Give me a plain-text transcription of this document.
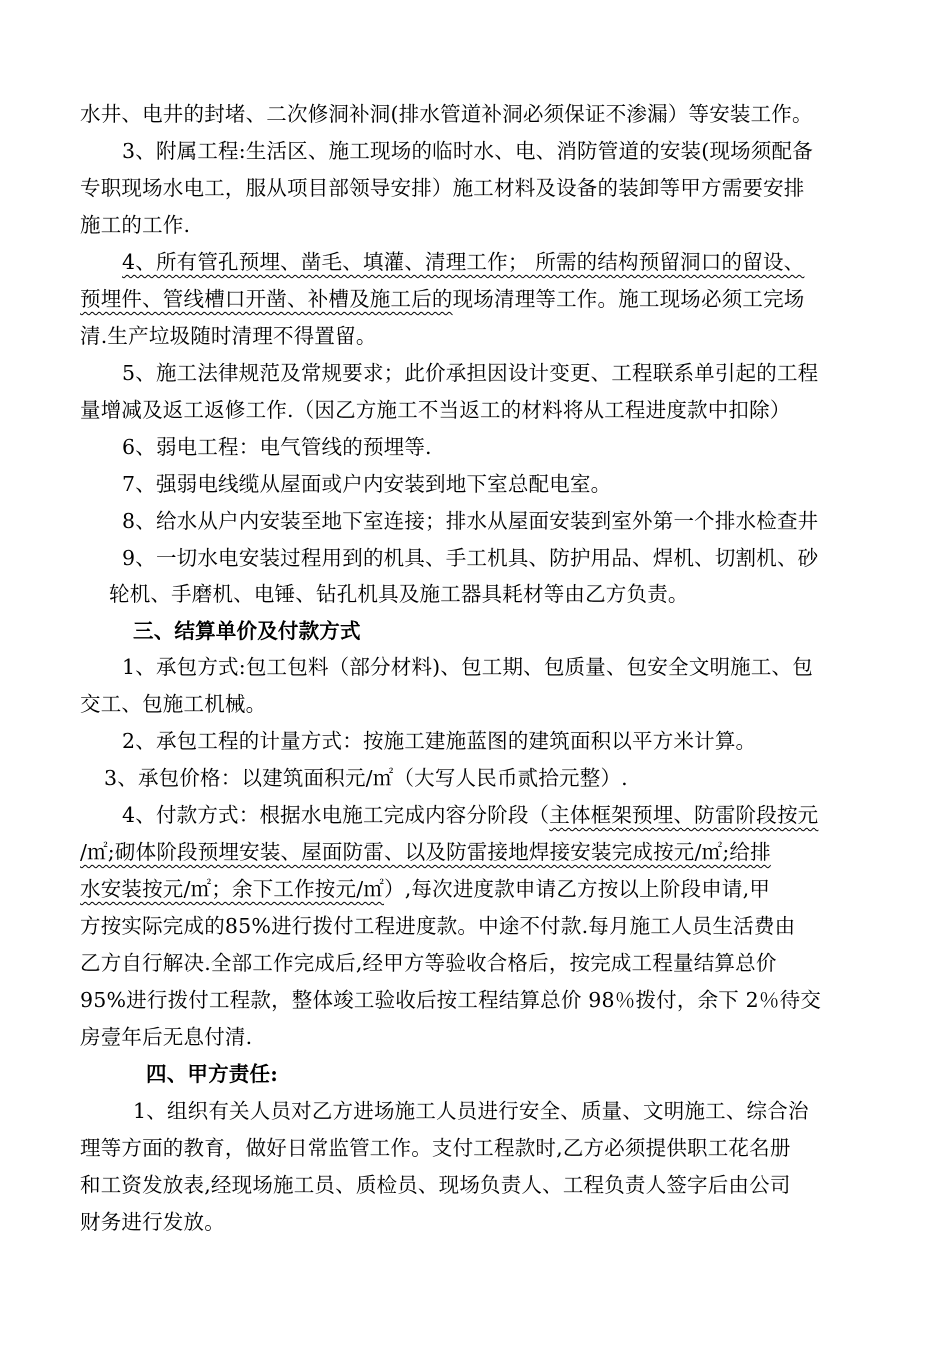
水井、电井的封堵、二次修洞补洞(排水管道补洞必须保证不渗漏）等安装工作。
3、附属工程:生活区、施工现场的临时水、电、消防管道的安装(现场须配备
专职现场水电工，服从项目部领导安排）施工材料及设备的装卸等甲方需要安排
施工的工作.
4、所有管孔预埋、凿毛、填灌、清理工作； 所需的结构预留洞口的留设、
预埋件、管线槽口开凿、补槽及施工后的现场清理等工作。施工现场必须工完场
清.生产垃圾随时清理不得置留。
5、施工法律规范及常规要求；此价承担因设计变更、工程联系单引起的工程
量增减及返工返修工作.（因乙方施工不当返工的材料将从工程进度款中扣除）
6、弱电工程：电气管线的预埋等.
7、强弱电线缆从屋面或户内安装到地下室总配电室。
8、给水从户内安装至地下室连接；排水从屋面安装到室外第一个排水检查井
9、一切水电安装过程用到的机具、手工机具、防护用品、焊机、切割机、砂
轮机、手磨机、电锤、钻孔机具及施工器具耗材等由乙方负责。
三、结算单价及付款方式
1、承包方式:包工包料（部分材料)、包工期、包质量、包安全文明施工、包
交工、包施工机械。
2、承包工程的计量方式：按施工建施蓝图的建筑面积以平方米计算。
3、承包价格：以建筑面积元/㎡（大写人民币贰拾元整）.
4、付款方式：根据水电施工完成内容分阶段（主体框架预埋、防雷阶段按元
/㎡;砌体阶段预埋安装、屋面防雷、以及防雷接地焊接安装完成按元/㎡;给排
水安装按元/㎡；余下工作按元/㎡）,每次进度款申请乙方按以上阶段申请,甲
方按实际完成的85%进行拨付工程进度款。中途不付款.每月施工人员生活费由
乙方自行解决.全部工作完成后,经甲方等验收合格后，按完成工程量结算总价
95%进行拨付工程款，整体竣工验收后按工程结算总价 98％拨付，余下 2％待交
房壹年后无息付清.
四、甲方责任:
1、组织有关人员对乙方进场施工人员进行安全、质量、文明施工、综合治
理等方面的教育，做好日常监管工作。支付工程款时,乙方必须提供职工花名册
和工资发放表,经现场施工员、质检员、现场负责人、工程负责人签字后由公司
财务进行发放。
